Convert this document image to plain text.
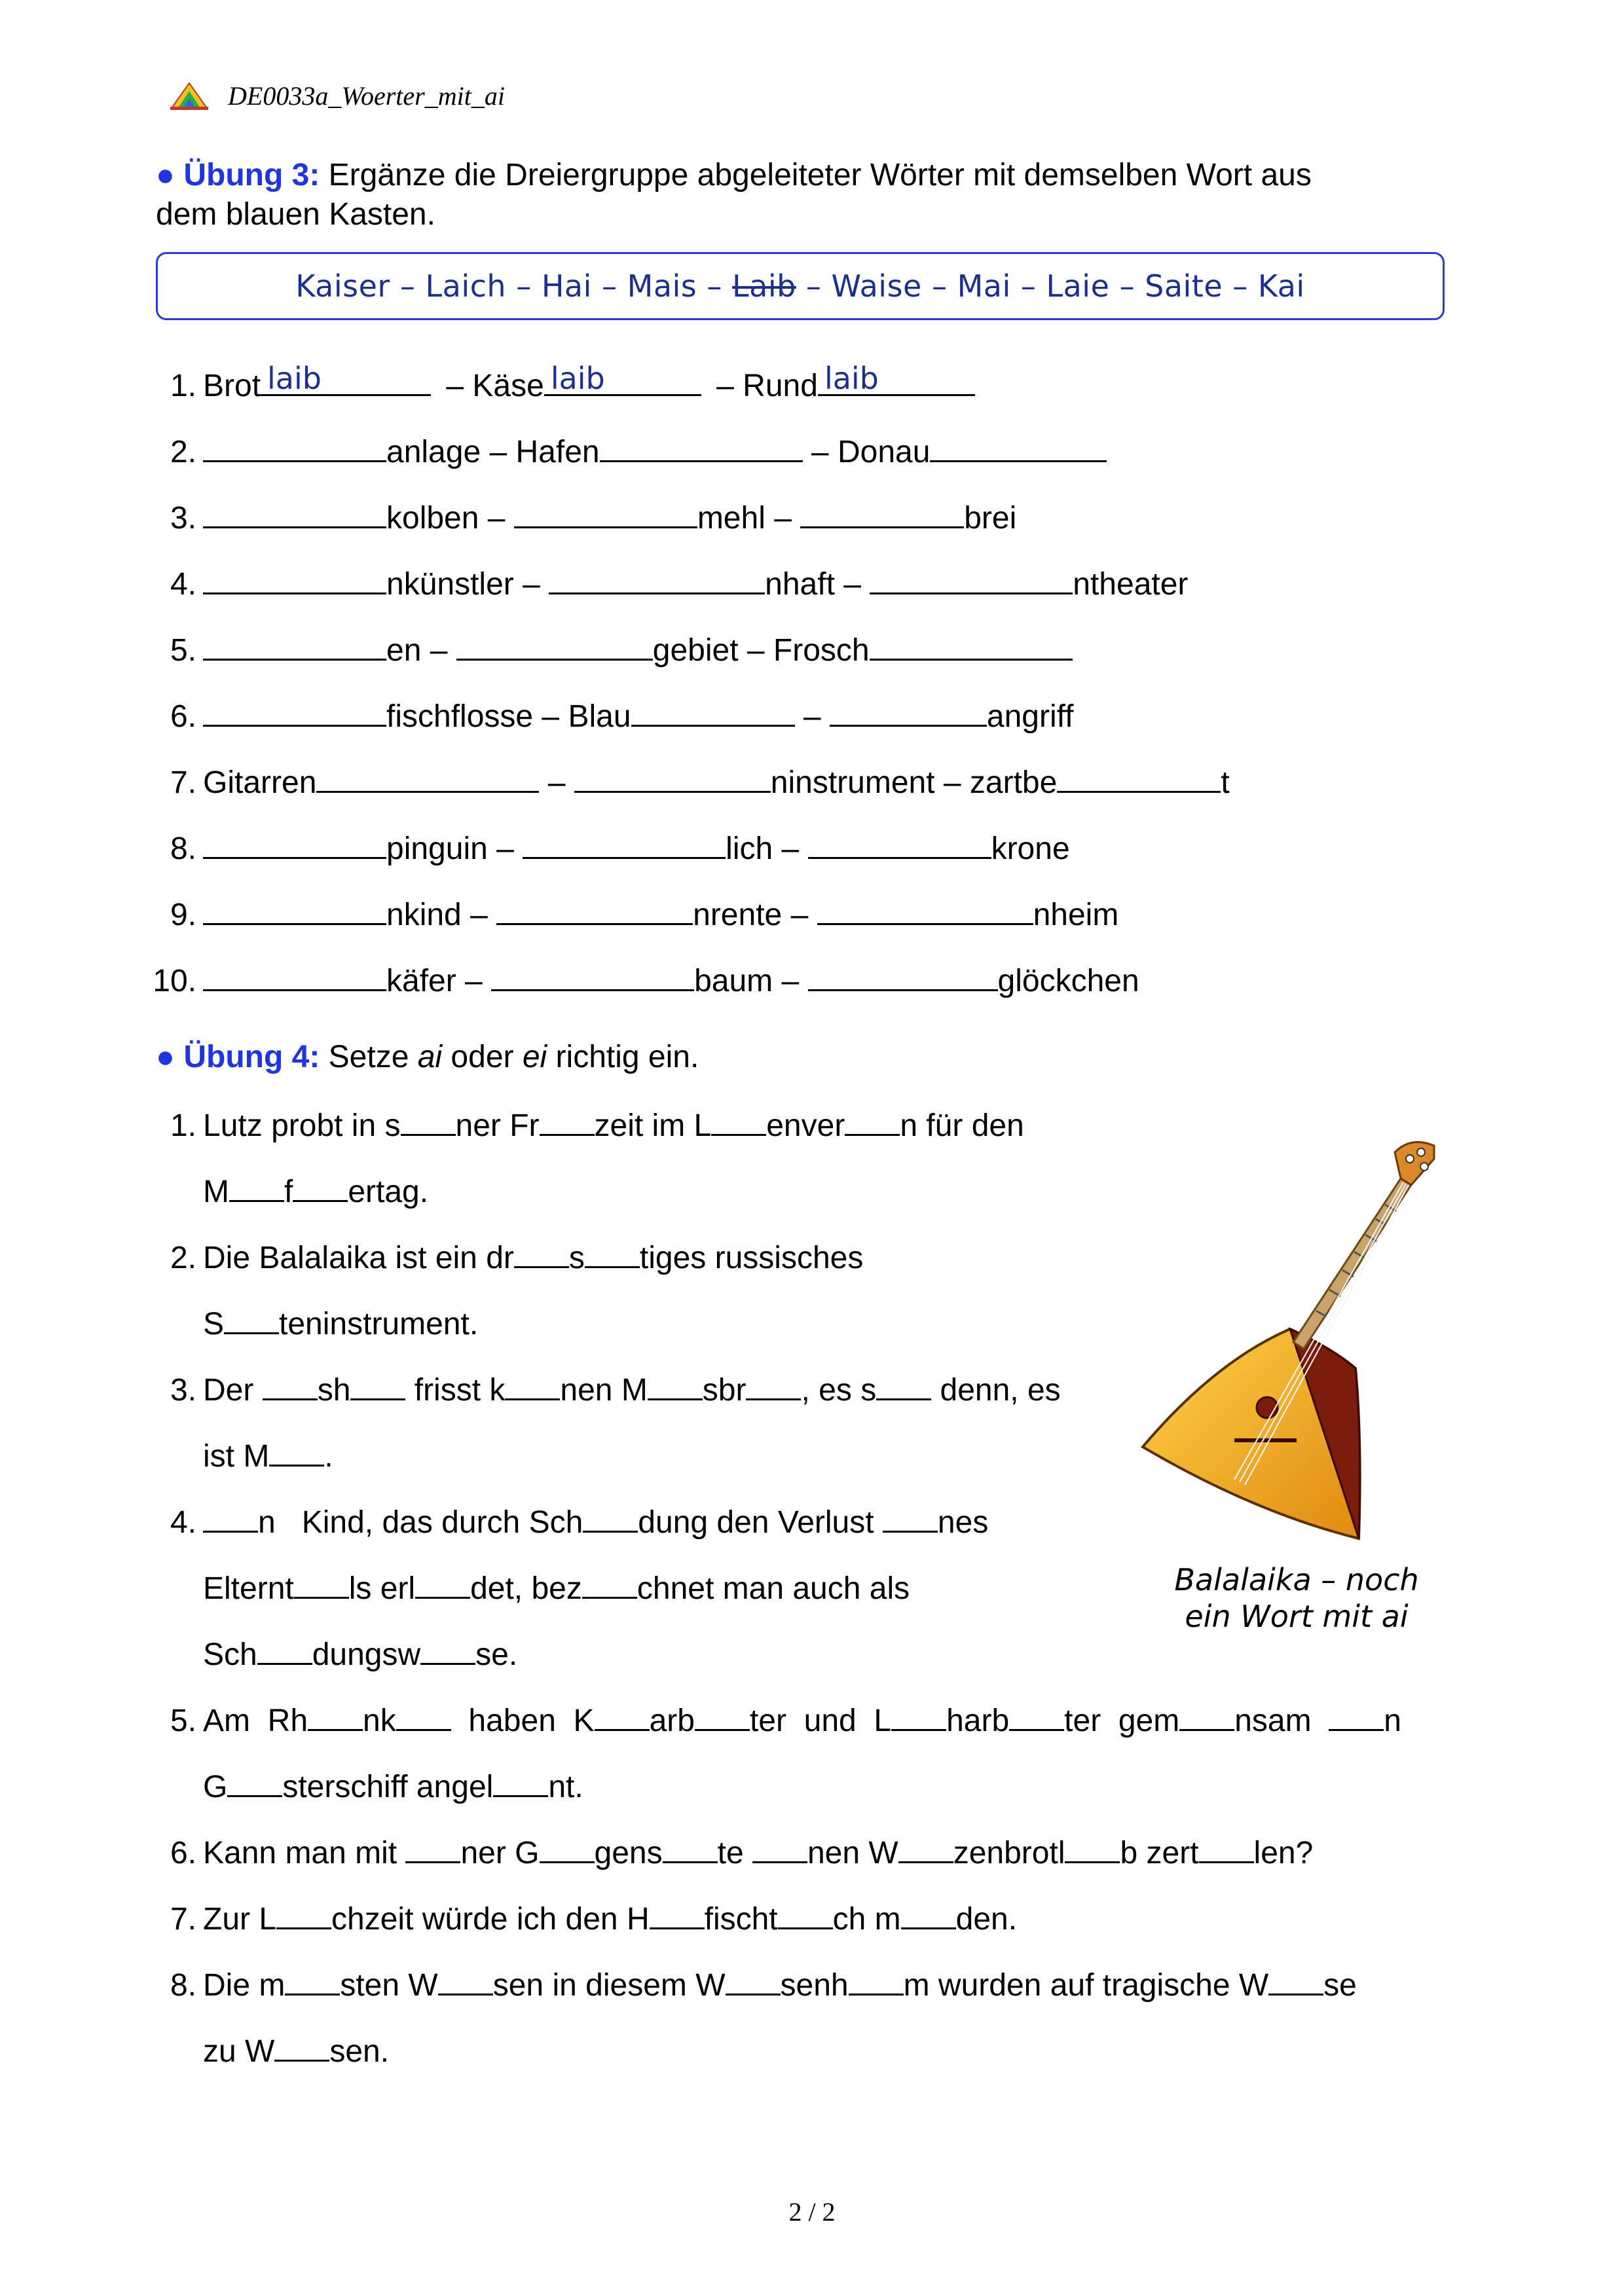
DE0033a_Woerter_mit_ai
● Übung 3: Ergänze die Dreiergruppe abgeleiteter Wörter mit demselben Wort aus
dem blauen Kasten.
Kaiser – Laich – Hai – Mais – Laib – Waise – Mai – Laie – Saite – Kai
1. Brot laib	– Käse laib	– Rund laib
2.	anlage – Hafen	– Donau
3.	kolben –	mehl –	brei
4.	nkünstler –	nhaft –	ntheater
5.	en –	gebiet – Frosch
6.	fischflosse – Blau	–	angriff
7. Gitarren	–	ninstrument – zartbe	t
8.	pinguin –	lich –	krone
9.	nkind –	nrente –	nheim
10.	käfer –	baum –	glöckchen
● Übung 4: Setze ai oder ei richtig ein.
1. Lutz probt in s ner Fr zeit im L enver n für den
M f ertag.
2. Die Balalaika ist ein dr s tiges russisches
S teninstrument.
3. Der sh frisst k nen M sbr , es s denn, es
ist M .
4.	n   Kind, das durch Sch dung den Verlust nes
Elternt ls erl det, bez chnet man auch als
Sch dungsw se.
5. Am  Rh nk  haben  K arb ter  und  L harb ter  gem nsam  n
G sterschiff angel nt.
6. Kann man mit ner G gens te nen W zenbrotl b zert len?
7. Zur L chzeit würde ich den H fischt ch m den.
8. Die m sten W sen in diesem W senh m wurden auf tragische W se
zu W sen.
Balalaika – noch
ein Wort mit ai
2 / 2
